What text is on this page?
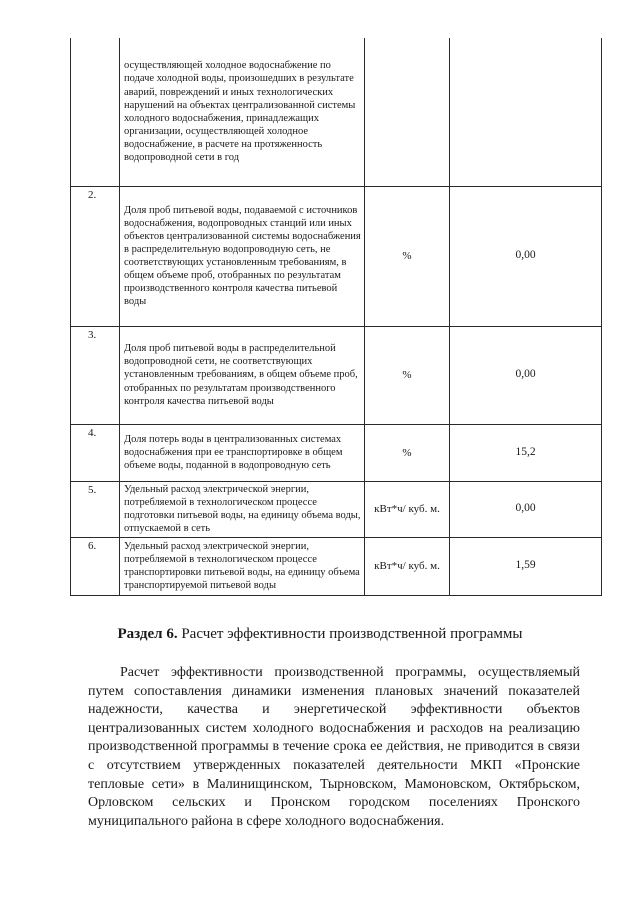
	осуществляющей холодное водоснабжение по подаче холодной воды, произошедших в результате аварий, повреждений и иных технологических нарушений на объектах централизованной системы холодного водоснабжения, принадлежащих организации, осуществляющей холодное водоснабжение, в расчете на протяженность водопроводной сети в год		
2.	Доля проб питьевой воды, подаваемой с источников водоснабжения, водопроводных станций или иных объектов централизованной системы водоснабжения в распределительную водопроводную сеть, не соответствующих установленным требованиям, в общем объеме проб, отобранных по результатам производственного контроля качества питьевой воды	%	0,00
3.	Доля проб питьевой воды в распределительной водопроводной сети, не соответствующих установленным требованиям, в общем объеме проб, отобранных по результатам производственного контроля качества питьевой воды	%	0,00
4.	Доля потерь воды в централизованных системах водоснабжения при ее транспортировке в общем объеме воды, поданной в водопроводную сеть	%	15,2
5.	Удельный расход электрической энергии, потребляемой в технологическом процессе подготовки питьевой воды, на единицу объема воды, отпускаемой в сеть	кВт*ч/ куб. м.	0,00
6.	Удельный расход электрической энергии, потребляемой в технологическом процессе транспортировки питьевой воды, на единицу объема транспортируемой питьевой воды	кВт*ч/ куб. м.	1,59
Раздел 6. Расчет эффективности производственной программы

Расчет эффективности производственной программы, осуществляемый путем сопоставления динамики изменения плановых значений показателей надежности, качества и энергетической эффективности объектов централизованных систем холодного водоснабжения и расходов на реализацию производственной программы в течение срока ее действия, не приводится в связи с отсутствием утвержденных показателей деятельности МКП «Пронские тепловые сети» в Малинищинском, Тырновском, Мамоновском, Октябрьском, Орловском сельских и Пронском городском поселениях Пронского муниципального района в сфере холодного водоснабжения.
